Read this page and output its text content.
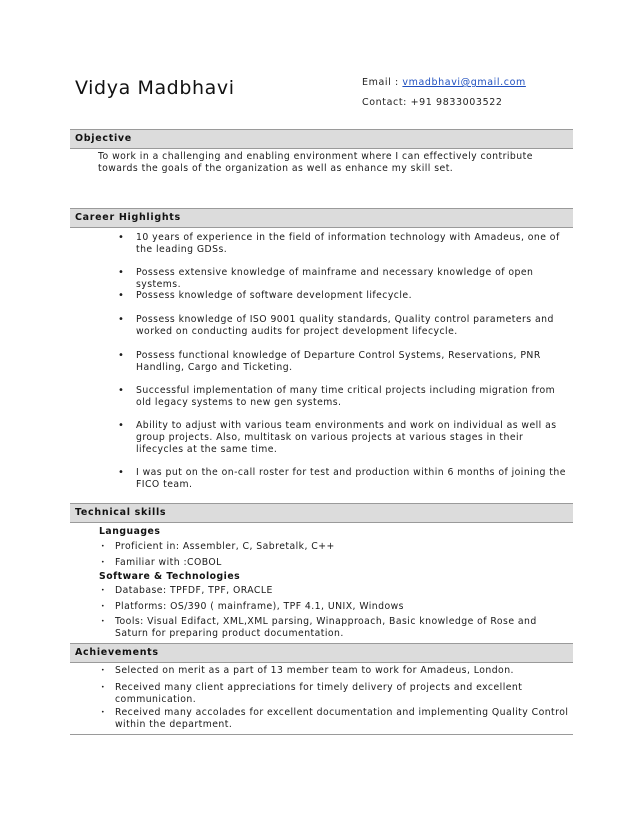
Vidya Madbhavi	Email : vmadbhavi@gmail.com
Contact: +91 9833003522
Objective
To work in a challenging and enabling environment where I can effectively contribute towards the goals of the organization as well as enhance my skill set.
Career Highlights
• 10 years of experience in the field of information technology with Amadeus, one of the leading GDSs.
• Possess extensive knowledge of mainframe and necessary knowledge of open systems.
• Possess knowledge of software development lifecycle.
• Possess knowledge of ISO 9001 quality standards, Quality control parameters and worked on conducting audits for project development lifecycle.
• Possess functional knowledge of Departure Control Systems, Reservations, PNR Handling, Cargo and Ticketing.
• Successful implementation of many time critical projects including migration from old legacy systems to new gen systems.
• Ability to adjust with various team environments and work on individual as well as group projects. Also, multitask on various projects at various stages in their lifecycles at the same time.
• I was put on the on-call roster for test and production within 6 months of joining the FICO team.
Technical skills
Languages
• Proficient in: Assembler, C, Sabretalk, C++
• Familiar with :COBOL
Software & Technologies
• Database: TPFDF, TPF, ORACLE
• Platforms: OS/390 ( mainframe), TPF 4.1, UNIX, Windows
• Tools: Visual Edifact, XML,XML parsing, Winapproach, Basic knowledge of Rose and Saturn for preparing product documentation.
Achievements
• Selected on merit as a part of 13 member team to work for Amadeus, London.
• Received many client appreciations for timely delivery of projects and excellent communication.
• Received many accolades for excellent documentation and implementing Quality Control within the department.
